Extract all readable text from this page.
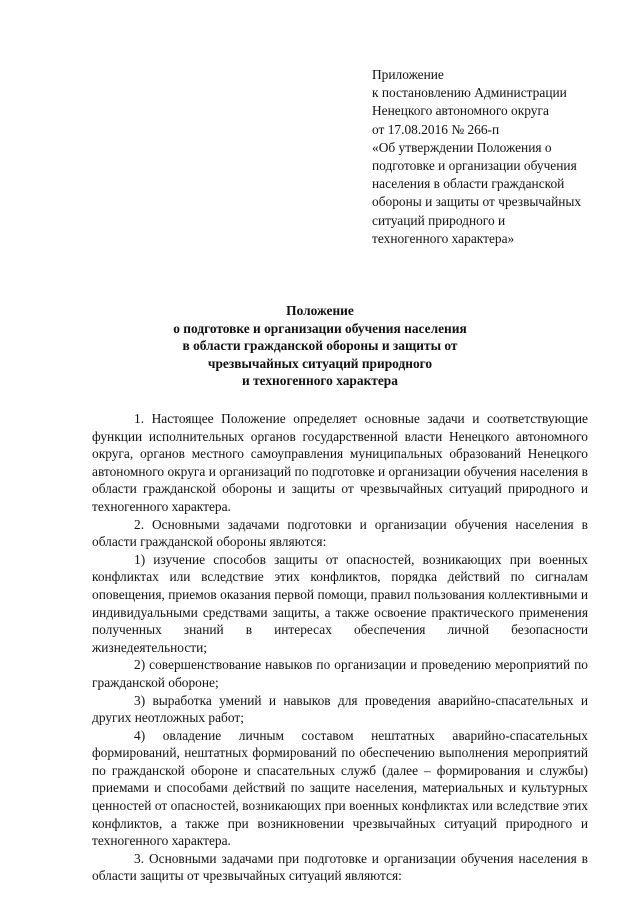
Приложение
к постановлению Администрации
Ненецкого автономного округа
от 17.08.2016 № 266-п
«Об утверждении Положения о
подготовке и организации обучения
населения в области гражданской
обороны и защиты от чрезвычайных
ситуаций природного и
техногенного характера»
Положение
о подготовке и организации обучения населения
в области гражданской обороны и защиты от
чрезвычайных ситуаций природного
и техногенного характера

1. Настоящее Положение определяет основные задачи и соответствующие функции исполнительных органов государственной власти Ненецкого автономного округа, органов местного самоуправления муниципальных образований Ненецкого автономного округа и организаций по подготовке и организации обучения населения в области гражданской обороны и защиты от чрезвычайных ситуаций природного и техногенного характера.

2. Основными задачами подготовки и организации обучения населения в области гражданской обороны являются:

1) изучение способов защиты от опасностей, возникающих при военных конфликтах или вследствие этих конфликтов, порядка действий по сигналам оповещения, приемов оказания первой помощи, правил пользования коллективными и индивидуальными средствами защиты, а также освоение практического применения полученных знаний в интересах обеспечения личной безопасности жизнедеятельности;

2) совершенствование навыков по организации и проведению мероприятий по гражданской обороне;

3) выработка умений и навыков для проведения аварийно-спасательных и других неотложных работ;

4) овладение личным составом нештатных аварийно-спасательных формирований, нештатных формирований по обеспечению выполнения мероприятий по гражданской обороне и спасательных служб (далее – формирования и службы) приемами и способами действий по защите населения, материальных и культурных ценностей от опасностей, возникающих при военных конфликтах или вследствие этих конфликтов, а также при возникновении чрезвычайных ситуаций природного и техногенного характера.

3. Основными задачами при подготовке и организации обучения населения в области защиты от чрезвычайных ситуаций являются:
